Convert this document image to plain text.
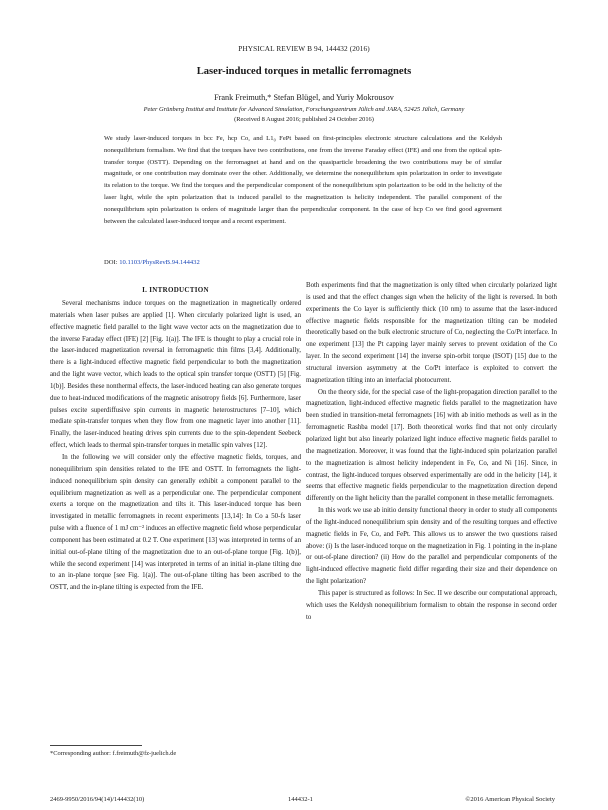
PHYSICAL REVIEW B 94, 144432 (2016)
Laser-induced torques in metallic ferromagnets
Frank Freimuth,* Stefan Blügel, and Yuriy Mokrousov
Peter Grünberg Institut and Institute for Advanced Simulation, Forschungszentrum Jülich and JARA, 52425 Jülich, Germany
(Received 8 August 2016; published 24 October 2016)
We study laser-induced torques in bcc Fe, hcp Co, and L1₀ FePt based on first-principles electronic structure calculations and the Keldysh nonequilibrium formalism. We find that the torques have two contributions, one from the inverse Faraday effect (IFE) and one from the optical spin-transfer torque (OSTT). Depending on the ferromagnet at hand and on the quasiparticle broadening the two contributions may be of similar magnitude, or one contribution may dominate over the other. Additionally, we determine the nonequilibrium spin polarization in order to investigate its relation to the torque. We find the torques and the perpendicular component of the nonequilibrium spin polarization to be odd in the helicity of the laser light, while the spin polarization that is induced parallel to the magnetization is helicity independent. The parallel component of the nonequilibrium spin polarization is orders of magnitude larger than the perpendicular component. In the case of hcp Co we find good agreement between the calculated laser-induced torque and a recent experiment.
DOI: 10.1103/PhysRevB.94.144432
I. INTRODUCTION

Several mechanisms induce torques on the magnetization in magnetically ordered materials when laser pulses are applied [1]. When circularly polarized light is used, an effective magnetic field parallel to the light wave vector acts on the magnetization due to the inverse Faraday effect (IFE) [2] [Fig. 1(a)]. The IFE is thought to play a crucial role in the laser-induced magnetization reversal in ferromagnetic thin films [3,4]. Additionally, there is a light-induced effective magnetic field perpendicular to both the magnetization and the light wave vector, which leads to the optical spin transfer torque (OSTT) [5] [Fig. 1(b)]. Besides these nonthermal effects, the laser-induced heating can also generate torques due to heat-induced modifications of the magnetic anisotropy fields [6]. Furthermore, laser pulses excite superdiffusive spin currents in magnetic heterostructures [7–10], which mediate spin-transfer torques when they flow from one magnetic layer into another [11]. Finally, the laser-induced heating drives spin currents due to the spin-dependent Seebeck effect, which leads to thermal spin-transfer torques in metallic spin valves [12].

In the following we will consider only the effective magnetic fields, torques, and nonequilibrium spin densities related to the IFE and OSTT. In ferromagnets the light-induced nonequilibrium spin density can generally exhibit a component parallel to the equilibrium magnetization as well as a perpendicular one. The perpendicular component exerts a torque on the magnetization and tilts it. This laser-induced torque has been investigated in metallic ferromagnets in recent experiments [13,14]: In Co a 50-fs laser pulse with a fluence of 1 mJ cm⁻² induces an effective magnetic field whose perpendicular component has been estimated at 0.2 T. One experiment [13] was interpreted in terms of an initial out-of-plane tilting of the magnetization due to an out-of-plane torque [Fig. 1(b)], while the second experiment [14] was interpreted in terms of an initial in-plane tilting due to an in-plane torque [see Fig. 1(a)]. The out-of-plane tilting has been ascribed to the OSTT, and the in-plane tilting is expected from the IFE.

Both experiments find that the magnetization is only tilted when circularly polarized light is used and that the effect changes sign when the helicity of the light is reversed. In both experiments the Co layer is sufficiently thick (10 nm) to assume that the laser-induced effective magnetic fields responsible for the magnetization tilting can be modeled theoretically based on the bulk electronic structure of Co, neglecting the Co/Pt interface. In one experiment [13] the Pt capping layer mainly serves to prevent oxidation of the Co layer. In the second experiment [14] the inverse spin-orbit torque (ISOT) [15] due to the structural inversion asymmetry at the Co/Pt interface is exploited to convert the magnetization tilting into an interfacial photocurrent.

On the theory side, for the special case of the light-propagation direction parallel to the magnetization, light-induced effective magnetic fields parallel to the magnetization have been studied in transition-metal ferromagnets [16] with ab initio methods as well as in the ferromagnetic Rashba model [17]. Both theoretical works find that not only circularly polarized light but also linearly polarized light induce effective magnetic fields parallel to the magnetization. Moreover, it was found that the light-induced spin polarization parallel to the magnetization is almost helicity independent in Fe, Co, and Ni [16]. Since, in contrast, the light-induced torques observed experimentally are odd in the helicity [14], it seems that effective magnetic fields perpendicular to the magnetization direction depend differently on the light helicity than the parallel component in these metallic ferromagnets.

In this work we use ab initio density functional theory in order to study all components of the light-induced nonequilibrium spin density and of the resulting torques and effective magnetic fields in Fe, Co, and FePt. This allows us to answer the two questions raised above: (i) Is the laser-induced torque on the magnetization in Fig. 1 pointing in the in-plane or out-of-plane direction? (ii) How do the parallel and perpendicular components of the light-induced effective magnetic field differ regarding their size and their dependence on the light polarization?

This paper is structured as follows: In Sec. II we describe our computational approach, which uses the Keldysh nonequilibrium formalism to obtain the response in second order to

*Corresponding author: f.freimuth@fz-juelich.de
2469-9950/2016/94(14)/144432(10)	144432-1	©2016 American Physical Society
